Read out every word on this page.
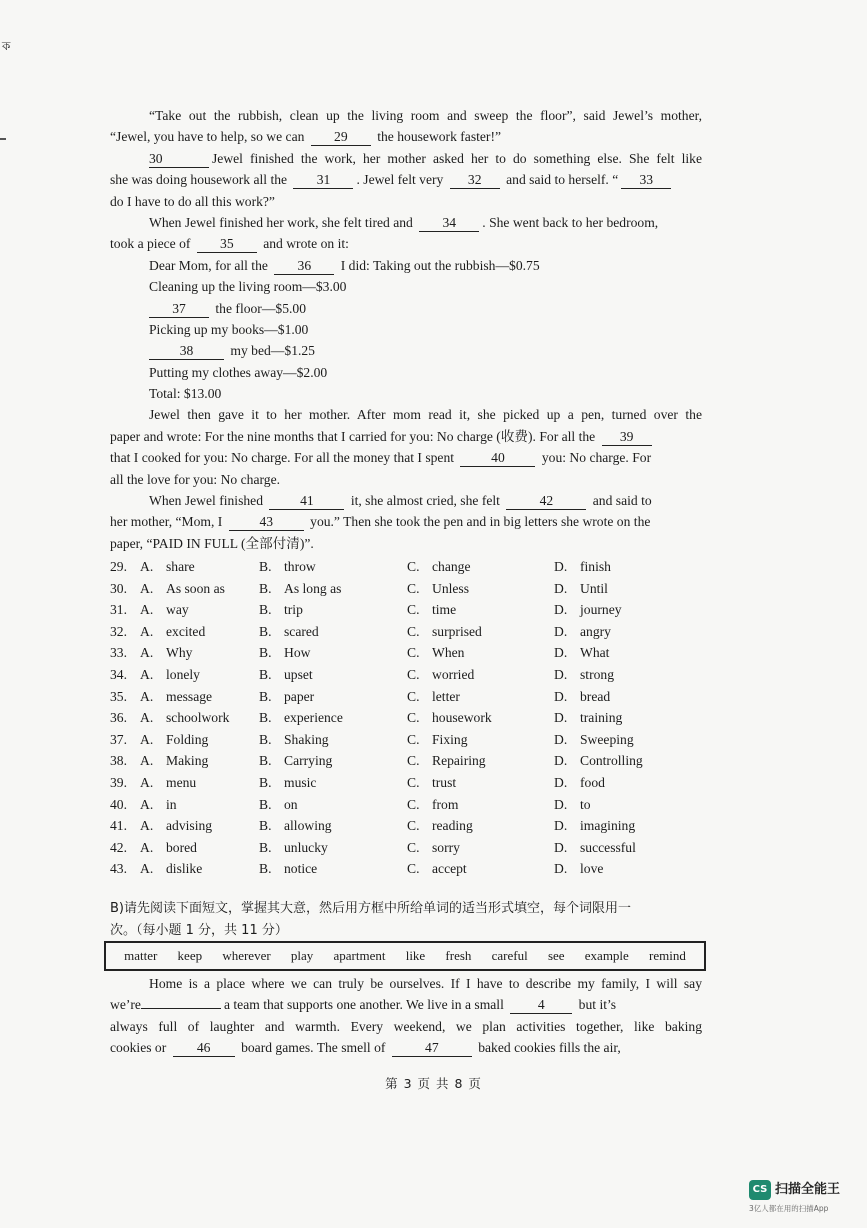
ক
“Take out the rubbish, clean up the living room and sweep the floor”, said Jewel’s mother,
“Jewel, you have to help, so we can 29 the housework faster!”
30	Jewel finished the work, her mother asked her to do something else. She felt like
she was doing housework all the 31 . Jewel felt very 32 and said to herself. “ 33
do I have to do all this work?”
When Jewel finished her work, she felt tired and 34 . She went back to her bedroom,
took a piece of 35 and wrote on it:
Dear Mom, for all the 36 I did: Taking out the rubbish—$0.75
Cleaning up the living room—$3.00
37 the floor—$5.00
Picking up my books—$1.00
38	my bed—$1.25
Putting my clothes away—$2.00
Total: $13.00
Jewel then gave it to her mother. After mom read it, she picked up a pen, turned over the
paper and wrote: For the nine months that I carried for you: No charge (收费). For all the 39
that I cooked for you: No charge. For all the money that I spent	40	you: No charge. For
all the love for you: No charge.
When Jewel finished	41	it, she almost cried, she felt	42	and said to
her mother, “Mom, I	43	you.” Then she took the pen and in big letters she wrote on the
paper, “PAID IN FULL (全部付清)”.
29. A. share	B. throw	C. change	D. finish
30. A. As soon as	B. As long as	C. Unless	D. Until
31. A. way	B. trip	C. time	D. journey
32. A. excited	B. scared	C. surprised	D. angry
33. A. Why	B. How	C. When	D. What
34. A. lonely	B. upset	C. worried	D. strong
35. A. message	B. paper	C. letter	D. bread
36. A. schoolwork B. experience	C. housework	D. training
37. A. Folding	B. Shaking	C. Fixing	D. Sweeping
38. A. Making	B. Carrying	C. Repairing	D. Controlling
39. A. menu	B. music	C. trust	D. food
40. A. in	B. on	C. from	D. to
41. A. advising	B. allowing	C. reading	D. imagining
42. A. bored	B. unlucky	C. sorry	D. successful
43. A. dislike	B. notice	C. accept	D. love
B)请先阅读下面短文，掌握其大意，然后用方框中所给单词的适当形式填空，每个词限用一
次。（每小题 1 分，共 11 分）
matter keep wherever play apartment like fresh careful see example remind
Home is a place where we can truly be ourselves. If I have to describe my family, I will say
we’re	a team that supports one another. We live in a small	4	but it’s
always full of laughter and warmth. Every weekend, we plan activities together, like baking
cookies or 46 board games. The smell of	47	baked cookies fills the air,
第 3 页 共 8 页
CS 扫描全能王
3亿人都在用的扫描App
